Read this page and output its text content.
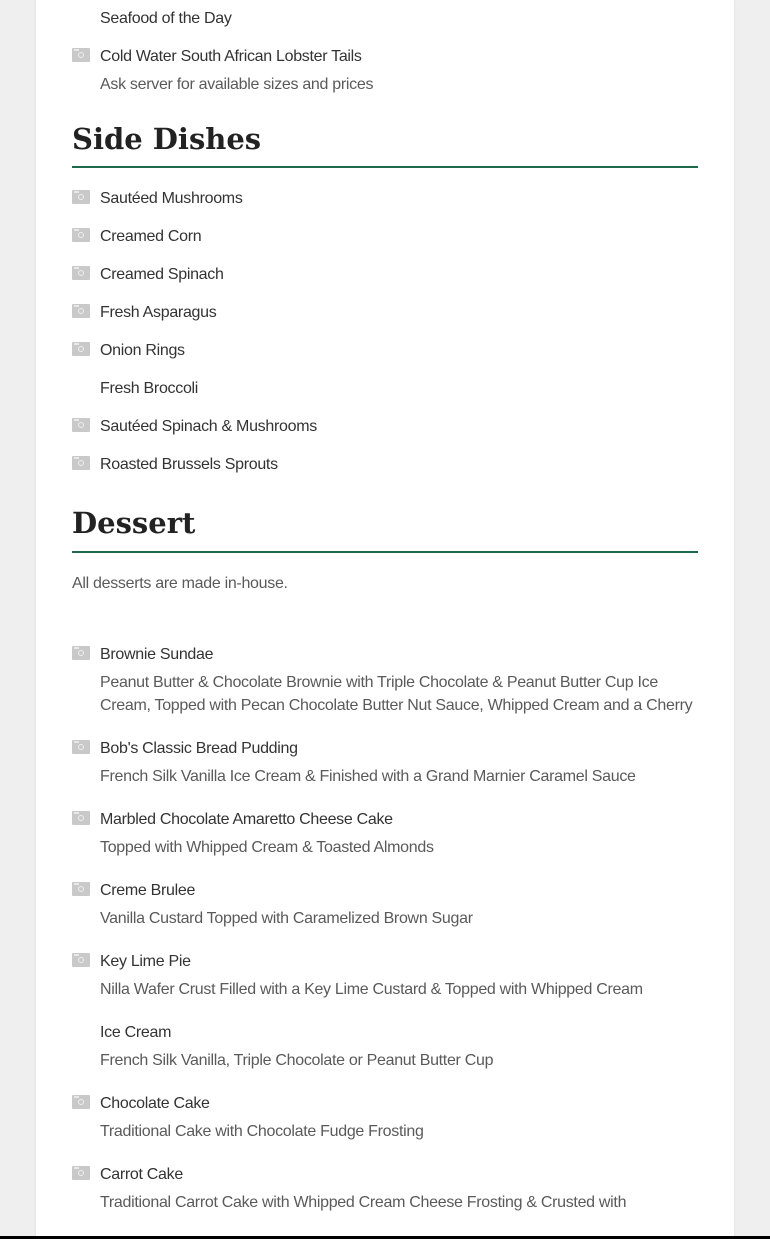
Seafood of the Day
Cold Water South African Lobster Tails
Ask server for available sizes and prices
Side Dishes
Sautéed Mushrooms
Creamed Corn
Creamed Spinach
Fresh Asparagus
Onion Rings
Fresh Broccoli
Sautéed Spinach & Mushrooms
Roasted Brussels Sprouts
Dessert
All desserts are made in-house.
Brownie Sundae
Peanut Butter & Chocolate Brownie with Triple Chocolate & Peanut Butter Cup Ice Cream, Topped with Pecan Chocolate Butter Nut Sauce, Whipped Cream and a Cherry
Bob's Classic Bread Pudding
French Silk Vanilla Ice Cream & Finished with a Grand Marnier Caramel Sauce
Marbled Chocolate Amaretto Cheese Cake
Topped with Whipped Cream & Toasted Almonds
Creme Brulee
Vanilla Custard Topped with Caramelized Brown Sugar
Key Lime Pie
Nilla Wafer Crust Filled with a Key Lime Custard & Topped with Whipped Cream
Ice Cream
French Silk Vanilla, Triple Chocolate or Peanut Butter Cup
Chocolate Cake
Traditional Cake with Chocolate Fudge Frosting
Carrot Cake
Traditional Carrot Cake with Whipped Cream Cheese Frosting & Crusted with
